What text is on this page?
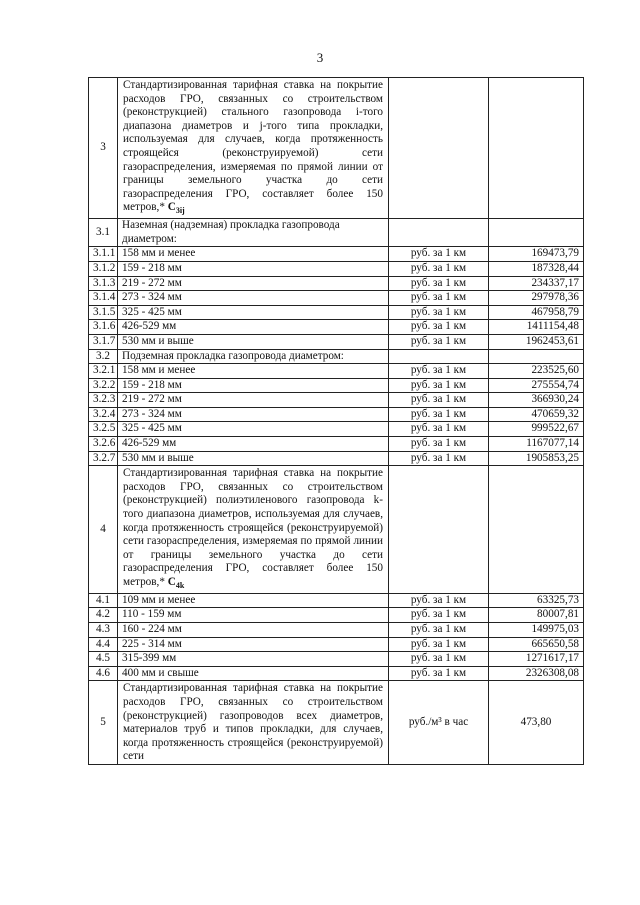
3
3	Стандартизированная тарифная ставка на покрытие расходов ГРО, связанных со строительством (реконструкцией) стального газопровода i-того диапазона диаметров и j-того типа прокладки, используемая для случаев, когда протяженность строящейся (реконструируемой) сети газораспределения, измеряемая по прямой линии от границы земельного участка до сети газораспределения ГРО, составляет более 150 метров,* $C_{3ij}$		
3.1	Наземная (надземная) прокладка газопровода диаметром:		
3.1.1	158 мм и менее	руб. за 1 км	169473,79
3.1.2	159 - 218 мм	руб. за 1 км	187328,44
3.1.3	219 - 272 мм	руб. за 1 км	234337,17
3.1.4	273 - 324 мм	руб. за 1 км	297978,36
3.1.5	325 - 425 мм	руб. за 1 км	467958,79
3.1.6	426-529 мм	руб. за 1 км	1411154,48
3.1.7	530 мм и выше	руб. за 1 км	1962453,61
3.2	Подземная прокладка газопровода диаметром:		
3.2.1	158 мм и менее	руб. за 1 км	223525,60
3.2.2	159 - 218 мм	руб. за 1 км	275554,74
3.2.3	219 - 272 мм	руб. за 1 км	366930,24
3.2.4	273 - 324 мм	руб. за 1 км	470659,32
3.2.5	325 - 425 мм	руб. за 1 км	999522,67
3.2.6	426-529 мм	руб. за 1 км	1167077,14
3.2.7	530 мм и выше	руб. за 1 км	1905853,25
4	Стандартизированная тарифная ставка на покрытие расходов ГРО, связанных со строительством (реконструкцией) полиэтиленового газопровода k-того диапазона диаметров, используемая для случаев, когда протяженность строящейся (реконструируемой) сети газораспределения, измеряемая по прямой линии от границы земельного участка до сети газораспределения ГРО, составляет более 150 метров,* $C_{4k}$		
4.1	109 мм и менее	руб. за 1 км	63325,73
4.2	110 - 159 мм	руб. за 1 км	80007,81
4.3	160 - 224 мм	руб. за 1 км	149975,03
4.4	225 - 314 мм	руб. за 1 км	665650,58
4.5	315-399 мм	руб. за 1 км	1271617,17
4.6	400 мм и свыше	руб. за 1 км	2326308,08
5	Стандартизированная тарифная ставка на покрытие расходов ГРО, связанных со строительством (реконструкцией) газопроводов всех диаметров, материалов труб и типов прокладки, для случаев, когда протяженность строящейся (реконструируемой) сети	руб./м³ в час	473,80
